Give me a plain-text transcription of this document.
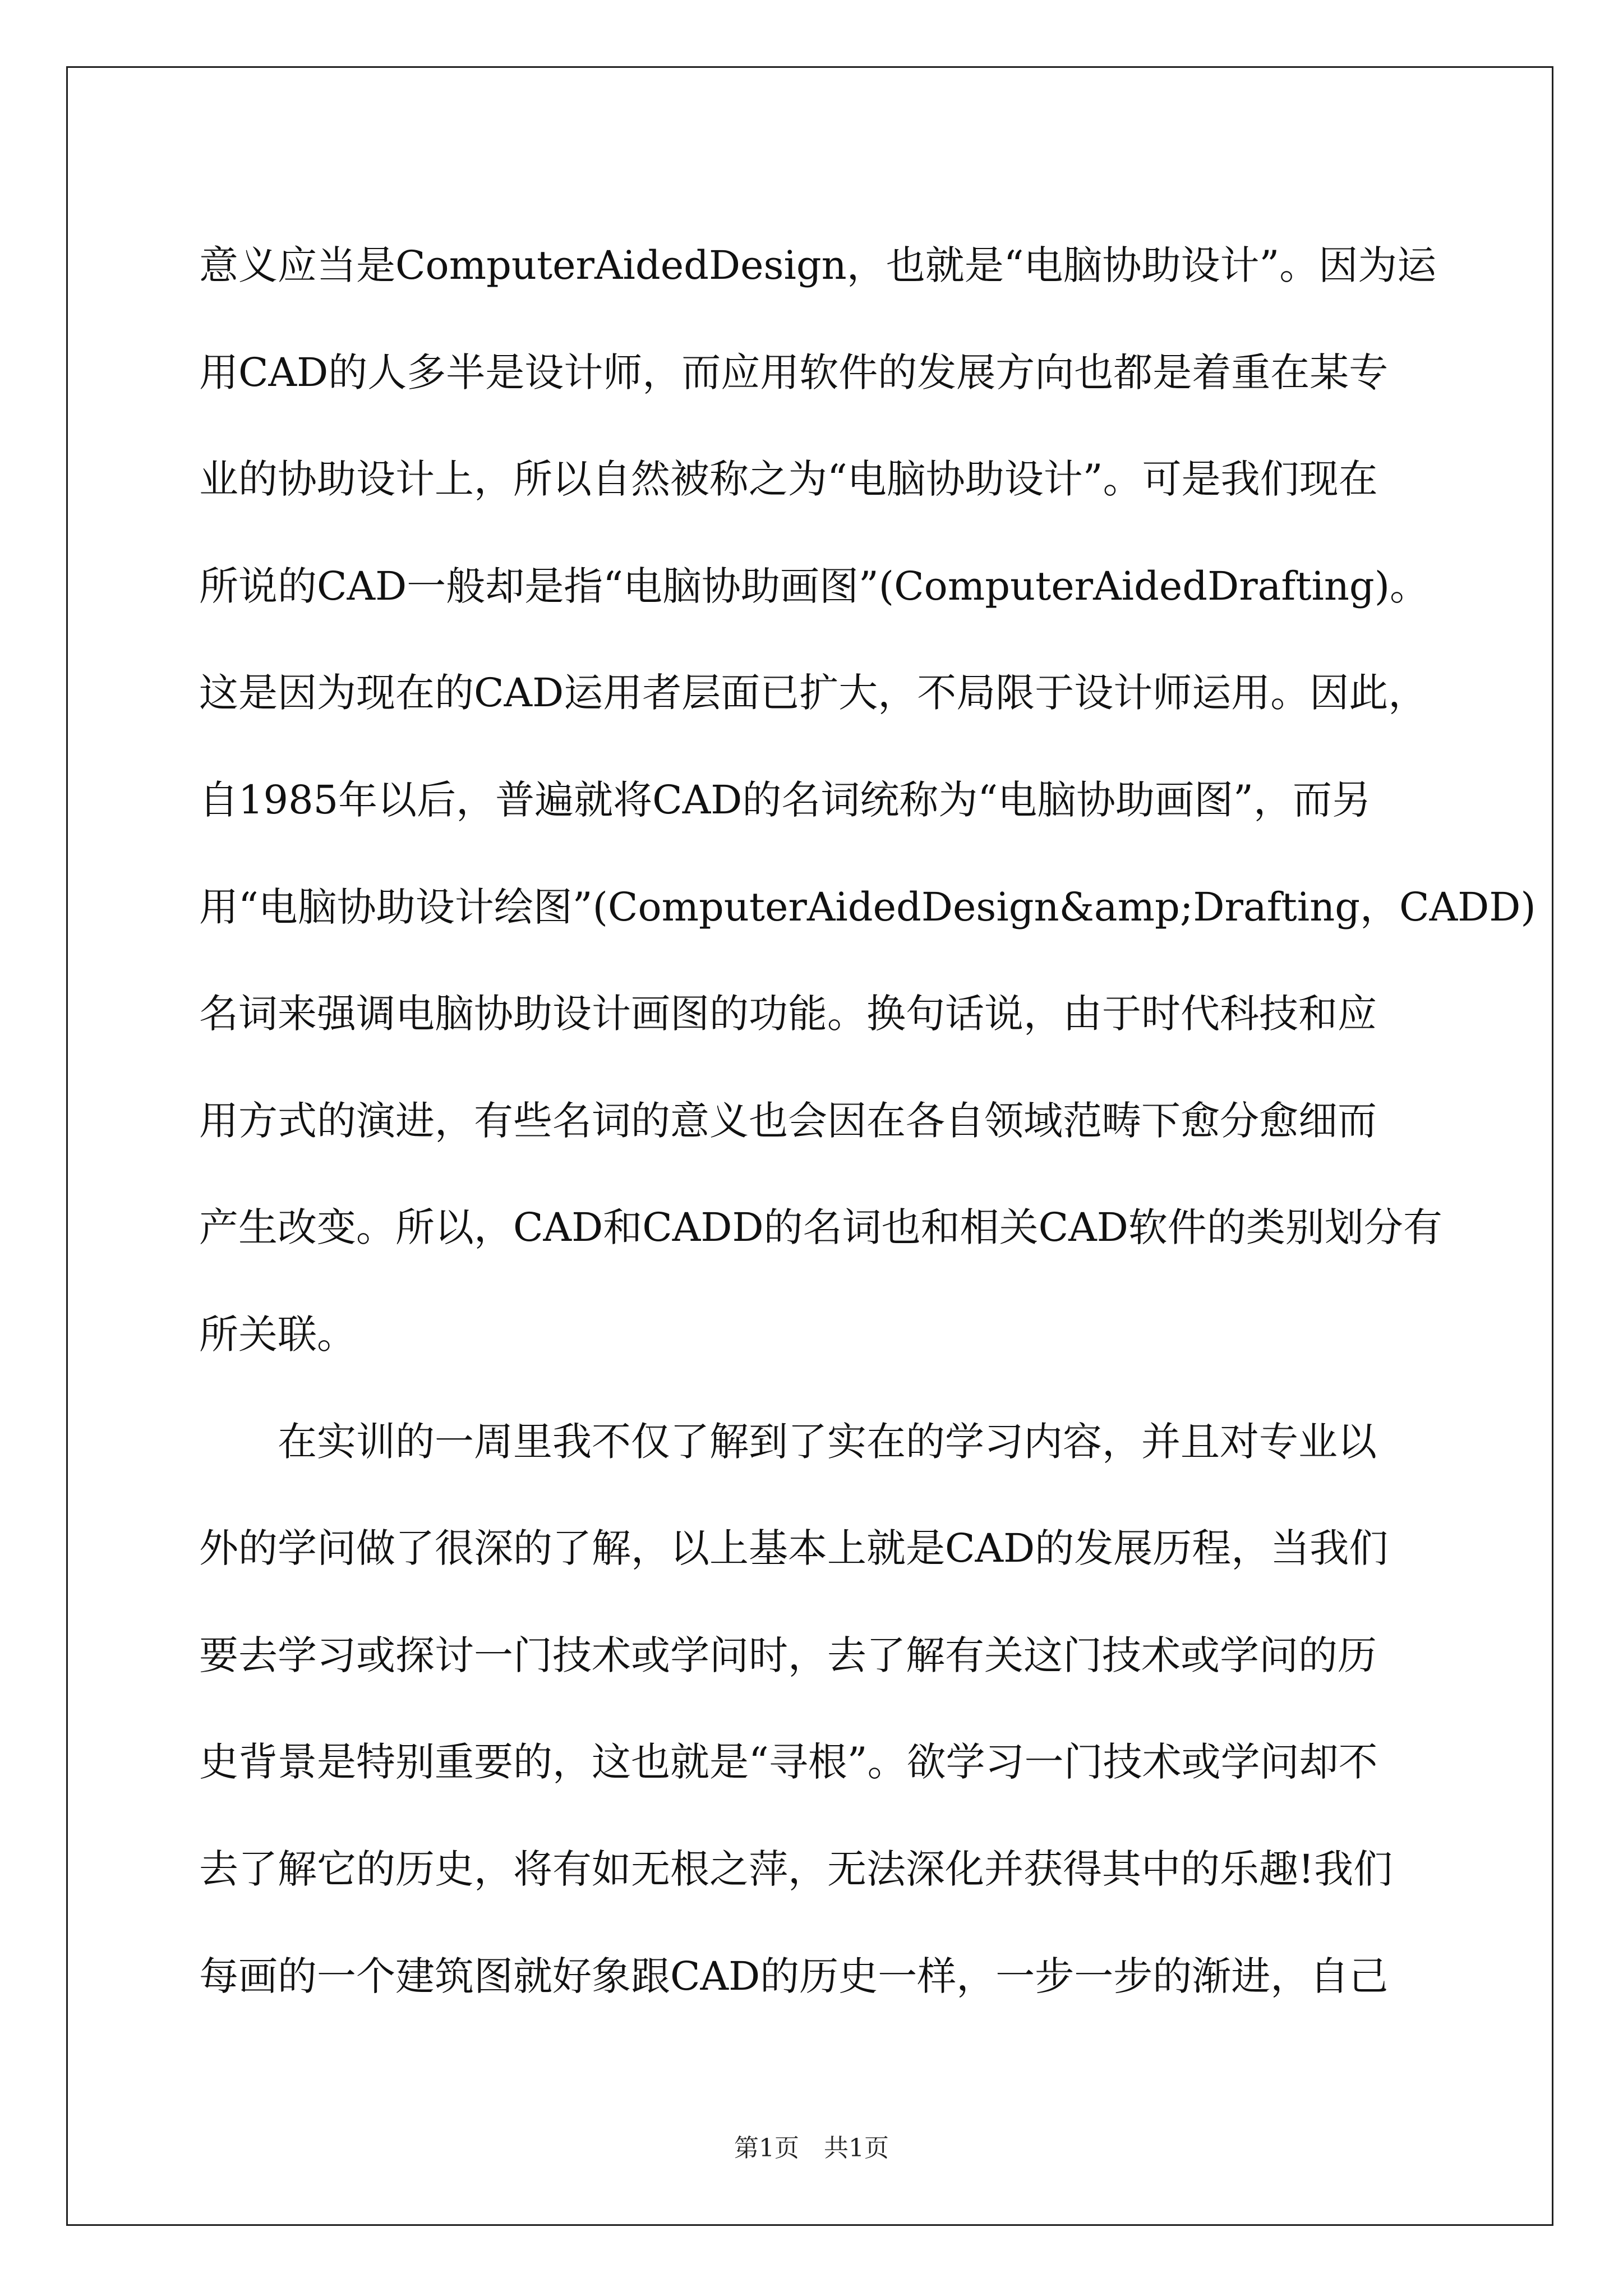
意义应当是ComputerAidedDesign，也就是“电脑协助设计”。因为运
用CAD的人多半是设计师，而应用软件的发展方向也都是着重在某专
业的协助设计上，所以自然被称之为“电脑协助设计”。可是我们现在
所说的CAD一般却是指“电脑协助画图”(ComputerAidedDrafting)。
这是因为现在的CAD运用者层面已扩大，不局限于设计师运用。因此，
自1985年以后，普遍就将CAD的名词统称为“电脑协助画图”，而另
用“电脑协助设计绘图”(ComputerAidedDesign&amp;Drafting，CADD)
名词来强调电脑协助设计画图的功能。换句话说，由于时代科技和应
用方式的演进，有些名词的意义也会因在各自领域范畴下愈分愈细而
产生改变。所以，CAD和CADD的名词也和相关CAD软件的类别划分有
所关联。
　　在实训的一周里我不仅了解到了实在的学习内容，并且对专业以
外的学问做了很深的了解，以上基本上就是CAD的发展历程，当我们
要去学习或探讨一门技术或学问时，去了解有关这门技术或学问的历
史背景是特别重要的，这也就是“寻根”。欲学习一门技术或学问却不
去了解它的历史，将有如无根之萍，无法深化并获得其中的乐趣!我们
每画的一个建筑图就好象跟CAD的历史一样，一步一步的渐进，自己
第1页　 共1页
